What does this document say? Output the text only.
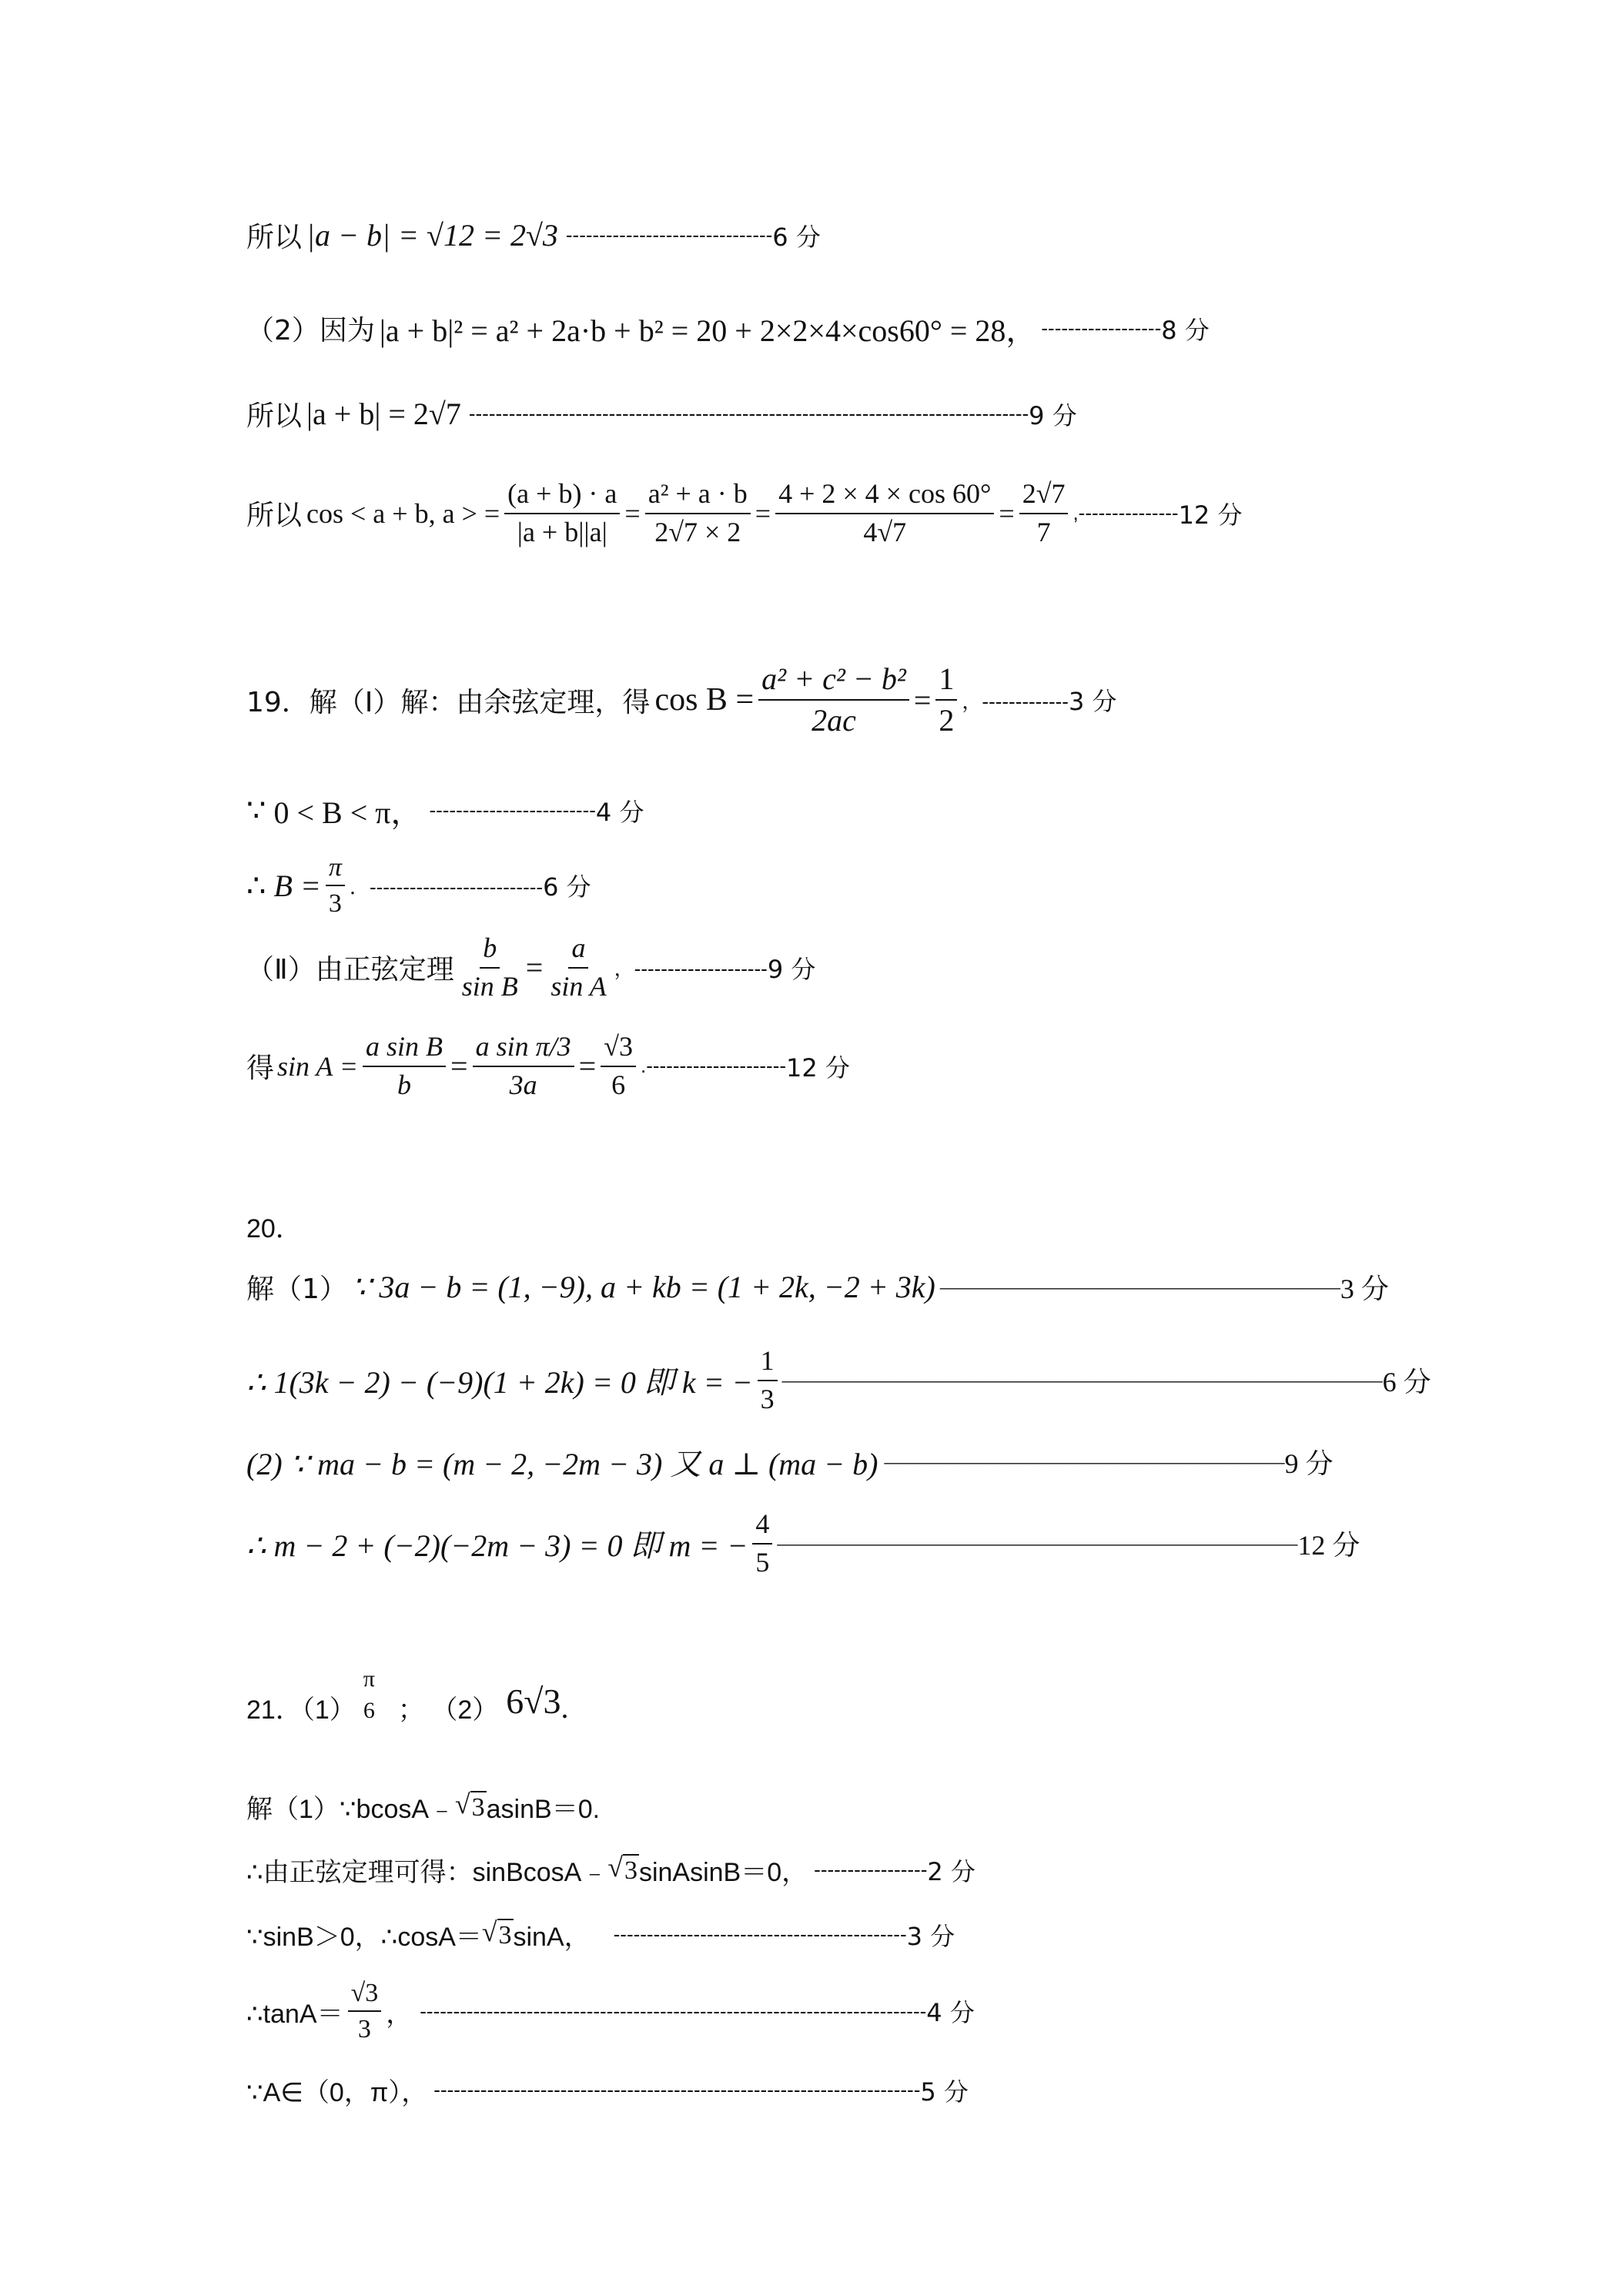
所以 |a − b| = √12 = 2√3 ------------------------------- 6 分
（2）因为 |a + b|² = a² + 2a·b + b² = 20 + 2×2×4×cos60° = 28， ------------------ 8 分
所以 |a + b| = 2√7 ------------------------------------------------------------------------------------ 9 分
所以 cos < a + b, a > = $\frac{(a + b) \cdot a}{|a + b||a|} = \frac{\text{a² + a · b}}{2√7 \times 2} = \frac{4 + 2 \times 4 \times \cos 60^\circ}{4√7} = \frac{2√7}{7}$ ,--------------- 12 分
19．解（Ⅰ）解：由余弦定理，得 $\cos B = \frac{\text{a² + c² − b²}}{2ac} = \frac{1}{2}$ ，------------- 3 分
∵ 0 < B < π， ------------------------- 4 分
∴ $B = \frac{\pi}{3}$ ．-------------------------- 6 分
（Ⅱ）由正弦定理 $\frac{b}{\text{sin B}} = \frac{a}{\text{sin A}}$ ，-------------------- 9 分
得 $\sin A = \frac{\text{a sin B}}{b} = \frac{\text{a sin π/3}}{3a} = \frac{√3}{6}$ .--------------------- 12 分
20．
解（1） ∵ 3a − b = (1, −9), a + kb = (1 + 2k, −2 + 3k) ———————————————————— 3 分
∴ 1(3k − 2) − (−9)(1 + 2k) = 0 即 k = − $\frac{1}{3}$ —————————————————————————————— 6 分
(2) ∵ ma − b = (m − 2, −2m − 3) 又 a ⊥ (ma − b) ———————————————————— 9 分
∴ m − 2 + (−2)(−2m − 3) = 0 即 m = − $\frac{4}{5}$ —————————————————————————— 12 分
21．（1）
π
6 ； （2） 6√3 .
解（1）∵bcosA﹣ √ 3 asinB＝0.
∴由正弦定理可得：sinBcosA﹣ √ 3 sinAsinB＝0， ----------------- 2 分
∵sinB＞0，∴cosA＝ √ 3 sinA， -------------------------------------------- 3 分
∴tanA＝ $\frac{√3}{3}$ ， ---------------------------------------------------------------------------- 4 分
∵A∈（0，π）， ------------------------------------------------------------------------- 5 分
